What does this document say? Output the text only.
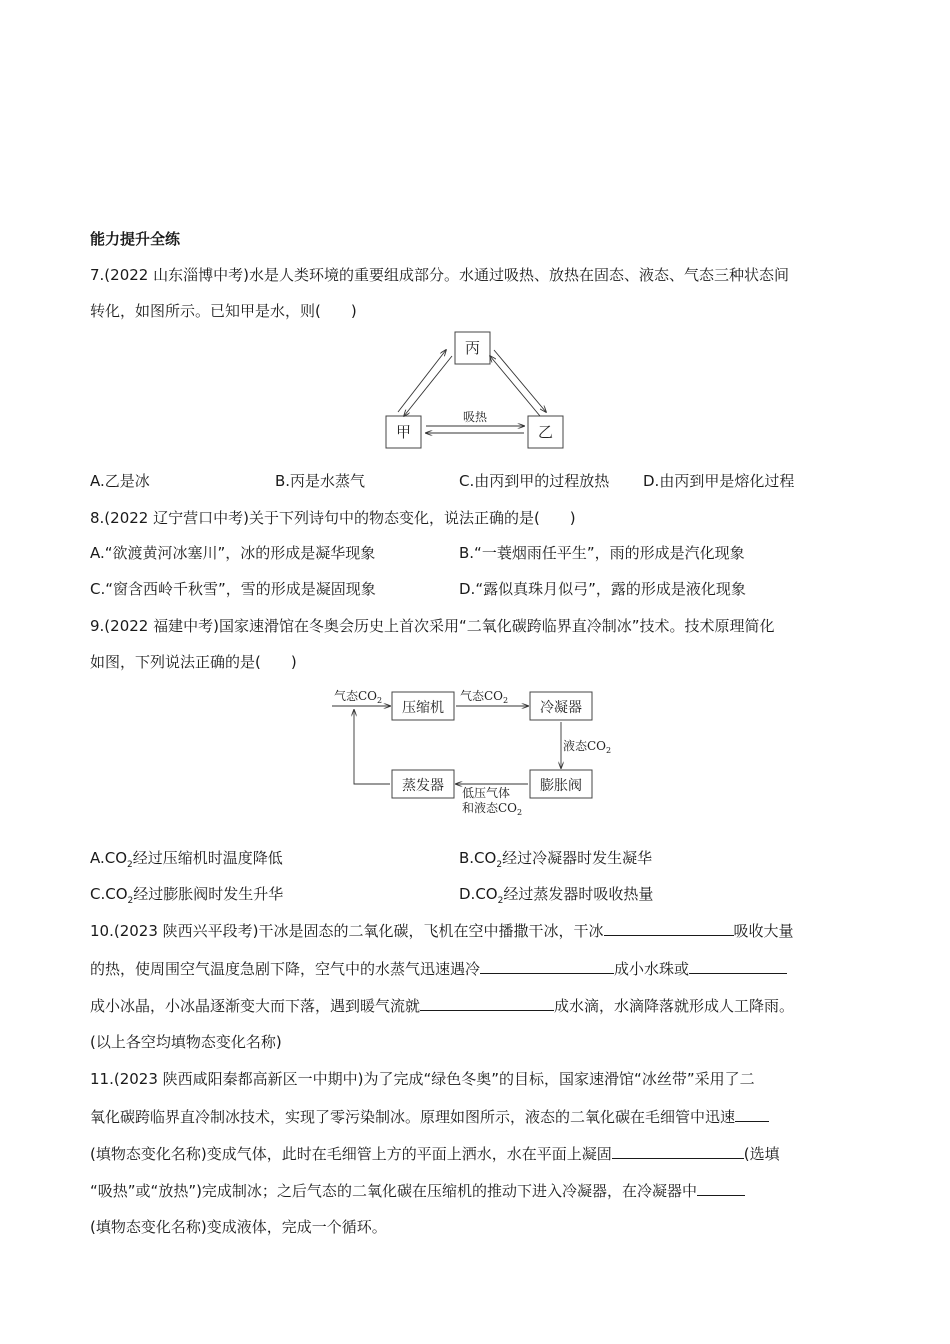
能力提升全练
7.(2022 山东淄博中考)水是人类环境的重要组成部分。水通过吸热、放热在固态、液态、气态三种状态间
转化，如图所示。已知甲是水，则(　　)
丙
甲	乙
吸热
A.乙是冰	B.丙是水蒸气	C.由丙到甲的过程放热 D.由丙到甲是熔化过程
8.(2022 辽宁营口中考)关于下列诗句中的物态变化，说法正确的是(　　)
A.“欲渡黄河冰塞川”，冰的形成是凝华现象	B.“一蓑烟雨任平生”，雨的形成是汽化现象
C.“窗含西岭千秋雪”，雪的形成是凝固现象	D.“露似真珠月似弓”，露的形成是液化现象
9.(2022 福建中考)国家速滑馆在冬奥会历史上首次采用“二氧化碳跨临界直冷制冰”技术。技术原理简化
如图，下列说法正确的是(　　)
压缩机	冷凝器
膨胀阀
蒸发器
气态$CO_2$	气态$CO_2$
液态$CO_2$
低压气体
和液态$CO_2$
$A.CO_2$经过压缩机时温度降低	$B.CO_2$经过冷凝器时发生凝华
$C.CO_2$经过膨胀阀时发生升华	$D.CO_2$经过蒸发器时吸收热量
10.(2023 陕西兴平段考)干冰是固态的二氧化碳，飞机在空中播撒干冰，干冰	吸收大量
的热，使周围空气温度急剧下降，空气中的水蒸气迅速遇冷	成小水珠或
成小冰晶，小冰晶逐渐变大而下落，遇到暖气流就	成水滴，水滴降落就形成人工降雨。
(以上各空均填物态变化名称)
11.(2023 陕西咸阳秦都高新区一中期中)为了完成“绿色冬奥”的目标，国家速滑馆“冰丝带”采用了二
氧化碳跨临界直冷制冰技术，实现了零污染制冰。原理如图所示，液态的二氧化碳在毛细管中迅速
(填物态变化名称)变成气体，此时在毛细管上方的平面上洒水，水在平面上凝固	(选填
“吸热”或“放热”)完成制冰；之后气态的二氧化碳在压缩机的推动下进入冷凝器，在冷凝器中
(填物态变化名称)变成液体，完成一个循环。
